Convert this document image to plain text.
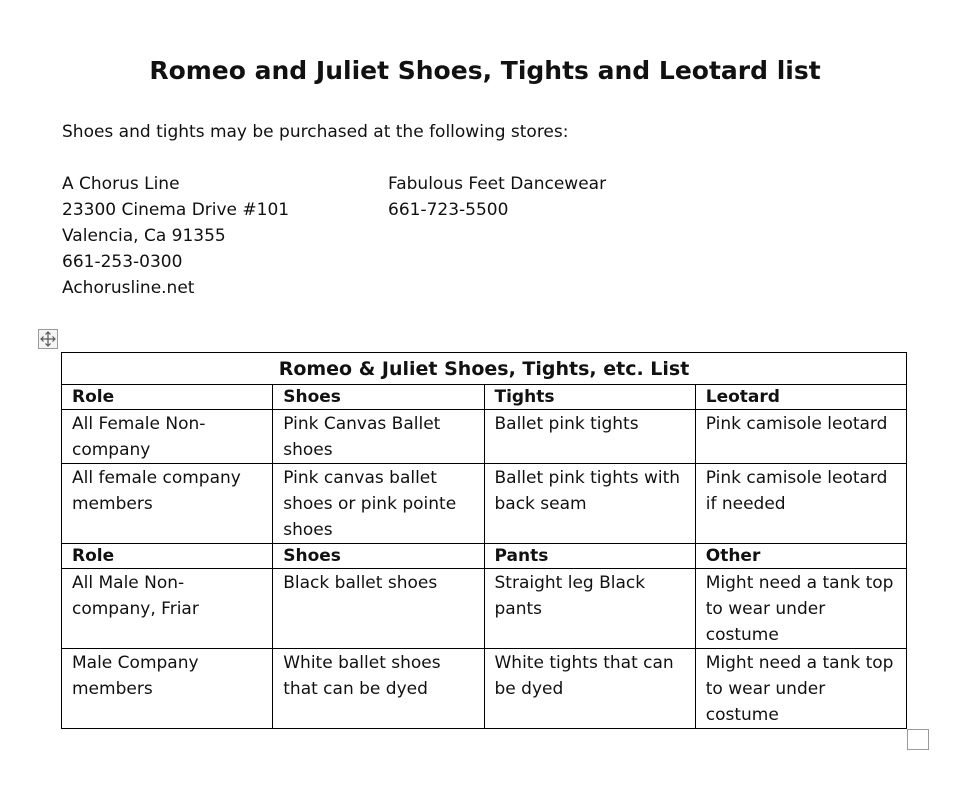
Romeo and Juliet Shoes, Tights and Leotard list
Shoes and tights may be purchased at the following stores:
A Chorus Line
23300 Cinema Drive #101
Valencia, Ca 91355
661-253-0300
Achorusline.net
Fabulous Feet Dancewear
661-723-5500
Romeo & Juliet Shoes, Tights, etc. List			
Role	Shoes	Tights	Leotard
All Female Non-company	Pink Canvas Ballet shoes	Ballet pink tights	Pink camisole leotard
All female company members	Pink canvas ballet shoes or pink pointe shoes	Ballet pink tights with back seam	Pink camisole leotard if needed
Role	Shoes	Pants	Other
All Male Non-company, Friar	Black ballet shoes	Straight leg Black pants	Might need a tank top to wear under costume
Male Company members	White ballet shoes that can be dyed	White tights that can be dyed	Might need a tank top to wear under costume
